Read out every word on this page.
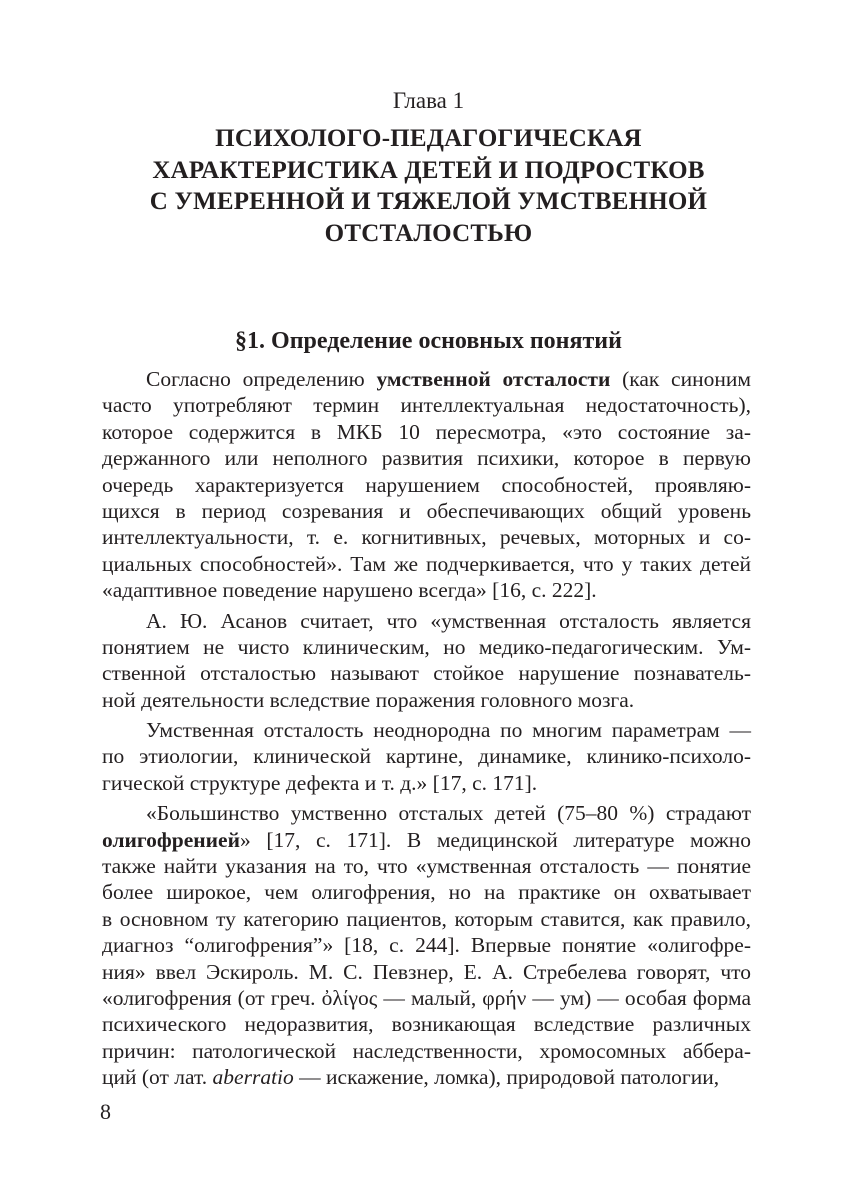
Глава 1
ПСИХОЛОГО-ПЕДАГОГИЧЕСКАЯ
ХАРАКТЕРИСТИКА ДЕТЕЙ И ПОДРОСТКОВ
С УМЕРЕННОЙ И ТЯЖЕЛОЙ УМСТВЕННОЙ
ОТСТАЛОСТЬЮ
§1. Определение основных понятий
Согласно определению умственной отсталости (как синоним
часто употребляют термин интеллектуальная недостаточность),
которое содержится в МКБ 10 пересмотра, «это состояние за-
держанного или неполного развития психики, которое в первую
очередь характеризуется нарушением способностей, проявляю-
щихся в период созревания и обеспечивающих общий уровень
интеллектуальности, т. е. когнитивных, речевых, моторных и со-
циальных способностей». Там же подчеркивается, что у таких детей
«адаптивное поведение нарушено всегда» [16, с. 222].
А. Ю. Асанов считает, что «умственная отсталость является
понятием не чисто клиническим, но медико-педагогическим. Ум-
ственной отсталостью называют стойкое нарушение познаватель-
ной деятельности вследствие поражения головного мозга.
Умственная отсталость неоднородна по многим параметрам —
по этиологии, клинической картине, динамике, клинико-психоло-
гической структуре дефекта и т. д.» [17, с. 171].
«Большинство умственно отсталых детей (75–80 %) страдают
олигофренией» [17, с. 171]. В медицинской литературе можно
также найти указания на то, что «умственная отсталость — понятие
более широкое, чем олигофрения, но на практике он охватывает
в основном ту категорию пациентов, которым ставится, как правило,
диагноз “олигофрения”» [18, с. 244]. Впервые понятие «олигофре-
ния» ввел Эскироль. М. С. Певзнер, Е. А. Стребелева говорят, что
«олигофрения (от греч. ὀλίγος — малый, φρήν — ум) — особая форма
психического недоразвития, возникающая вследствие различных
причин: патологической наследственности, хромосомных аббера-
ций (от лат. aberratio — искажение, ломка), природовой патологии,
8
